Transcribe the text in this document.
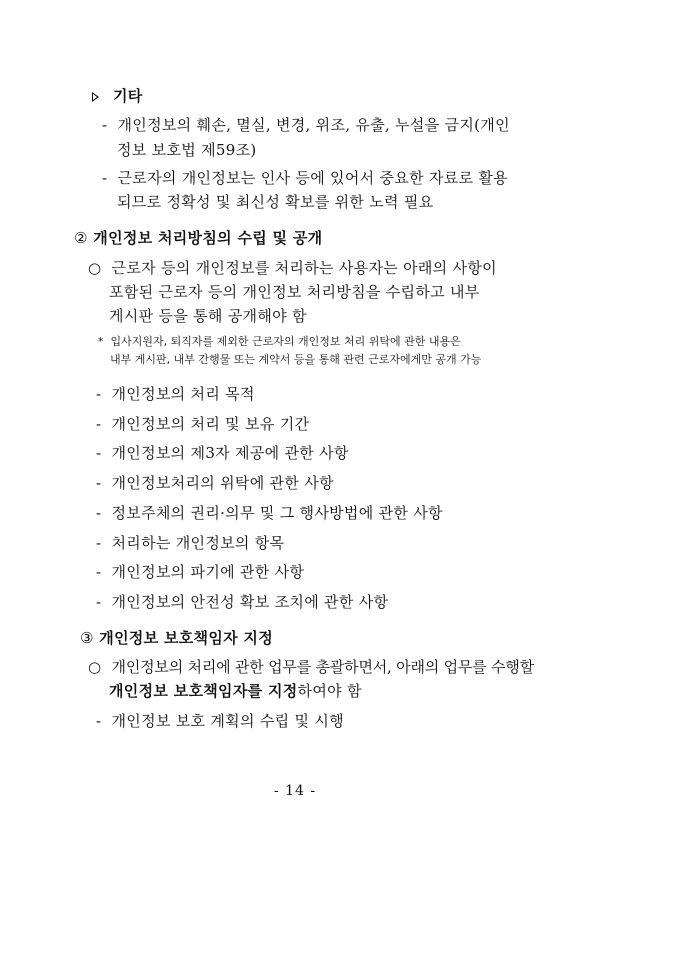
기타
- 개인정보의 훼손, 멸실, 변경, 위조, 유출, 누설을 금지(개인
정보 보호법 제59조)
- 근로자의 개인정보는 인사 등에 있어서 중요한 자료로 활용
되므로 정확성 및 최신성 확보를 위한 노력 필요
② 개인정보 처리방침의 수립 및 공개
○ 근로자 등의 개인정보를 처리하는 사용자는 아래의 사항이
포함된 근로자 등의 개인정보 처리방침을 수립하고 내부
게시판 등을 통해 공개해야 함
* 입사지원자, 퇴직자를 제외한 근로자의 개인정보 처리 위탁에 관한 내용은
내부 게시판, 내부 간행물 또는 계약서 등을 통해 관련 근로자에게만 공개 가능
- 개인정보의 처리 목적
- 개인정보의 처리 및 보유 기간
- 개인정보의 제3자 제공에 관한 사항
- 개인정보처리의 위탁에 관한 사항
- 정보주체의 권리·의무 및 그 행사방법에 관한 사항
- 처리하는 개인정보의 항목
- 개인정보의 파기에 관한 사항
- 개인정보의 안전성 확보 조치에 관한 사항
③ 개인정보 보호책임자 지정
○ 개인정보의 처리에 관한 업무를 총괄하면서, 아래의 업무를 수행할
개인정보 보호책임자를 지정하여야 함
- 개인정보 보호 계획의 수립 및 시행
- 14 -
